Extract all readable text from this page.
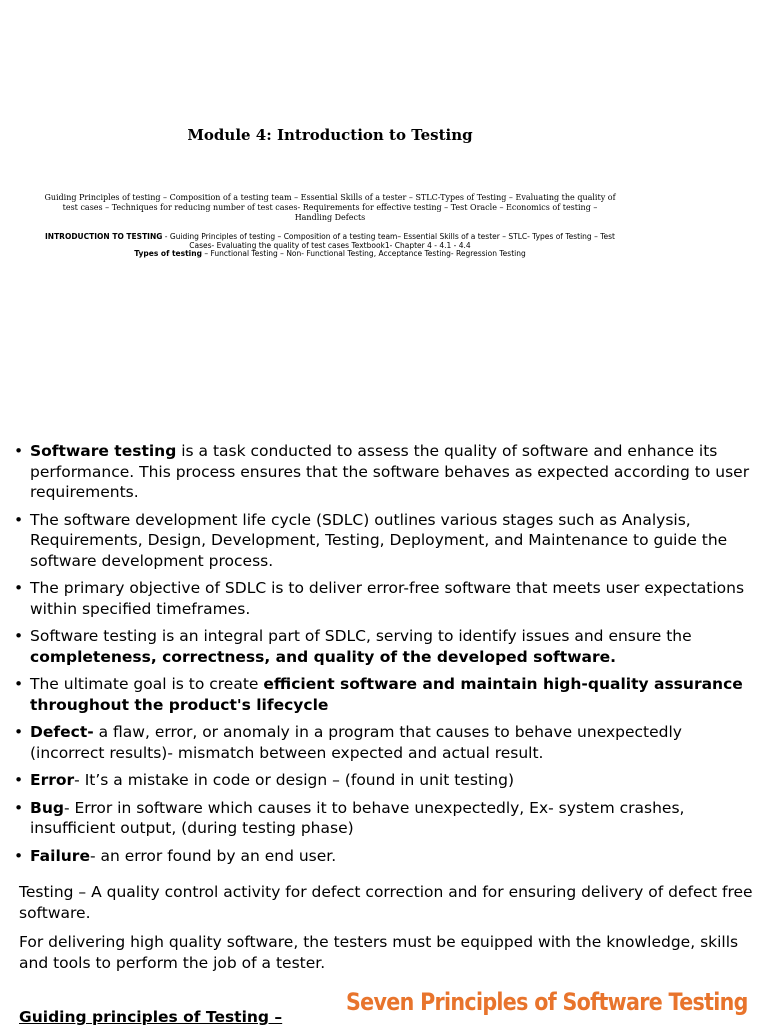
Module 4: Introduction to Testing
Guiding Principles of testing – Composition of a testing team – Essential Skills of a tester – STLC-Types of Testing – Evaluating the quality of test cases – Techniques for reducing number of test cases- Requirements for effective testing – Test Oracle – Economics of testing – Handling Defects
INTRODUCTION TO TESTING - Guiding Principles of testing – Composition of a testing team– Essential Skills of a tester – STLC- Types of Testing – Test Cases- Evaluating the quality of test cases Textbook1- Chapter 4 - 4.1 - 4.4
Types of testing – Functional Testing – Non- Functional Testing, Acceptance Testing- Regression Testing
• Software testing is a task conducted to assess the quality of software and enhance its performance. This process ensures that the software behaves as expected according to user requirements.
• The software development life cycle (SDLC) outlines various stages such as Analysis, Requirements, Design, Development, Testing, Deployment, and Maintenance to guide the software development process.
• The primary objective of SDLC is to deliver error-free software that meets user expectations within specified timeframes.
• Software testing is an integral part of SDLC, serving to identify issues and ensure the completeness, correctness, and quality of the developed software.
• The ultimate goal is to create efficient software and maintain high-quality assurance throughout the product's lifecycle
• Defect- a flaw, error, or anomaly in a program that causes to behave unexpectedly (incorrect results)- mismatch between expected and actual result.
• Error- It’s a mistake in code or design – (found in unit testing)
• Bug- Error in software which causes it to behave unexpectedly, Ex- system crashes, insufficient output, (during testing phase)
• Failure- an error found by an end user.
Testing – A quality control activity for defect correction and for ensuring delivery of defect free software.
For delivering high quality software, the testers must be equipped with the knowledge, skills and tools to perform the job of a tester.
Guiding principles of Testing –
Seven Principles of Software Testing
